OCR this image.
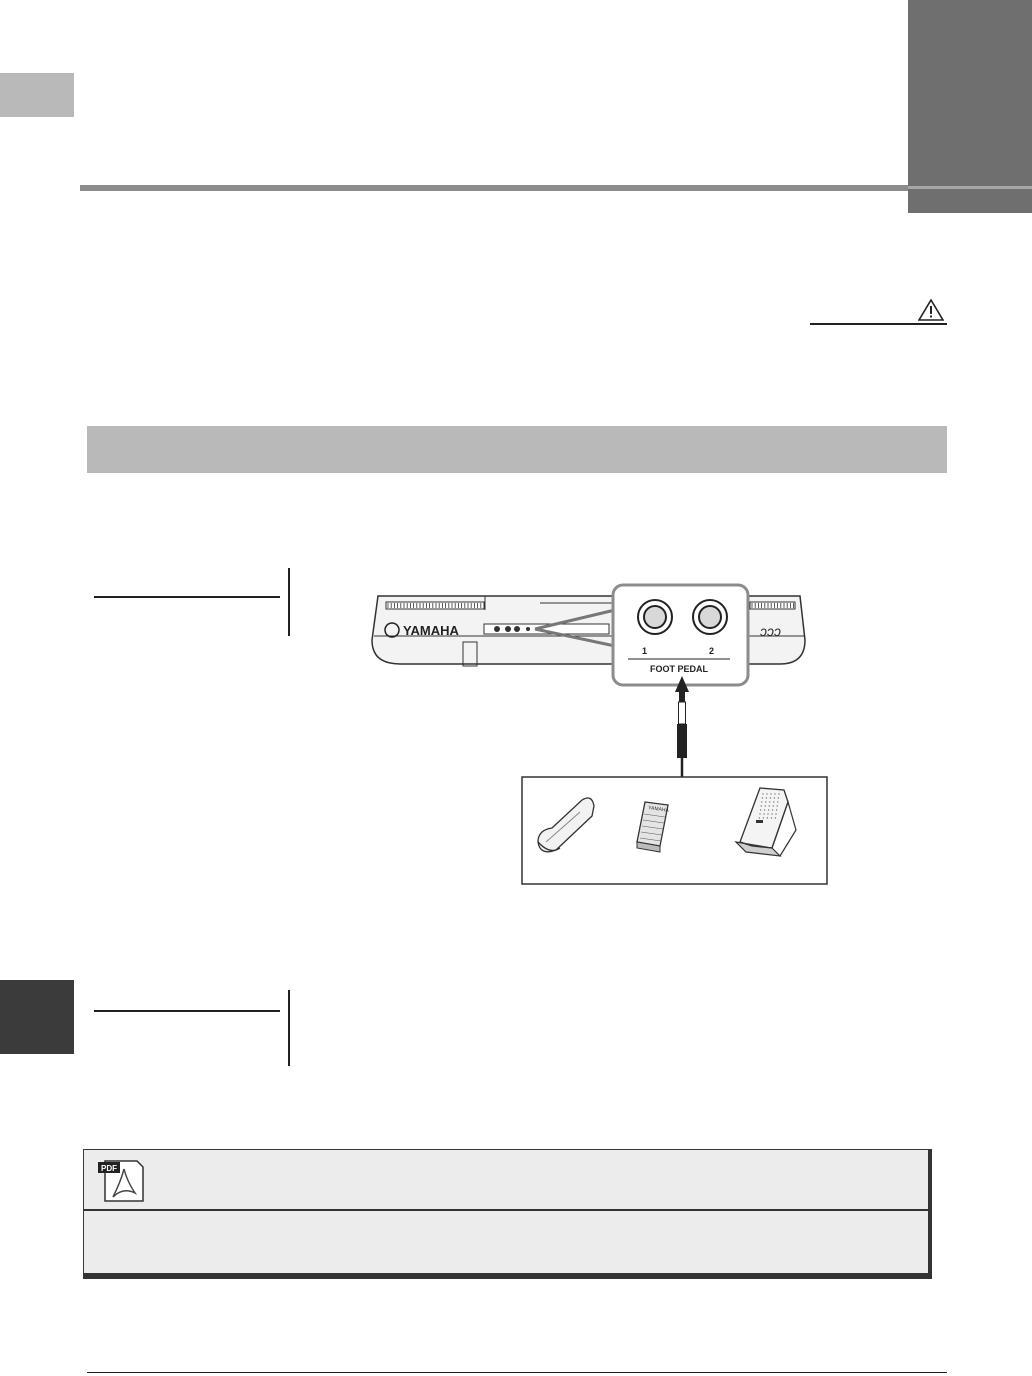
YAMAHA	ɔɔɔ
1	2
FOOT PEDAL
YAMAHA
PDF
